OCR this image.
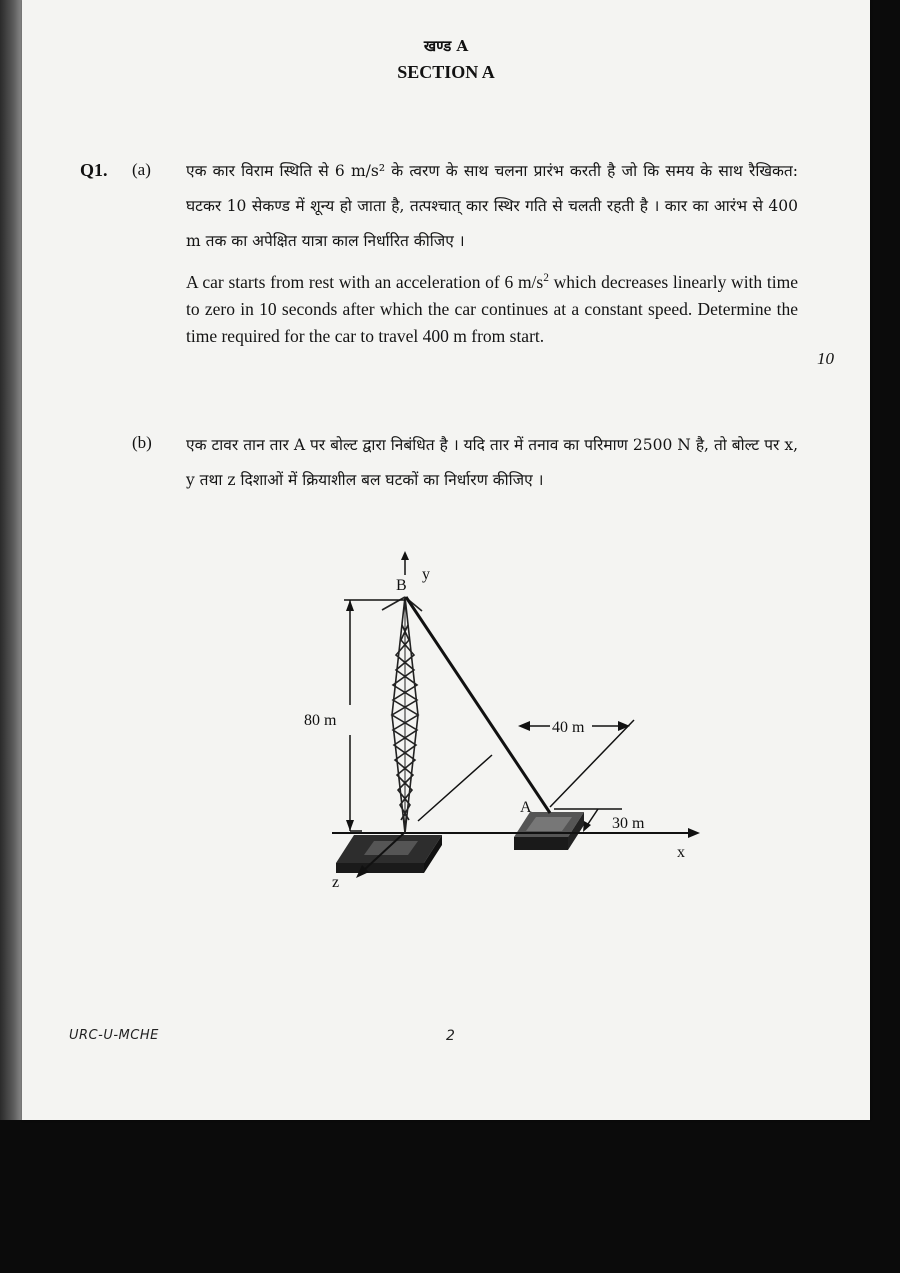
खण्ड A
SECTION A
Q1. (a) एक कार विराम स्थिति से 6 m/s² के त्वरण के साथ चलना प्रारंभ करती है जो कि समय के साथ रैखिकत: घटकर 10 सेकण्ड में शून्य हो जाता है, तत्पश्चात् कार स्थिर गति से चलती रहती है । कार का आरंभ से 400 m तक का अपेक्षित यात्रा काल निर्धारित कीजिए ।
A car starts from rest with an acceleration of 6 $m/s^2$ which decreases linearly with time to zero in 10 seconds after which the car continues at a constant speed. Determine the time required for the car to travel 400 m from start.
10
(b) एक टावर तान तार A पर बोल्ट द्वारा निबंधित है । यदि तार में तनाव का परिमाण 2500 N है, तो बोल्ट पर x, y तथा z दिशाओं में क्रियाशील बल घटकों का निर्धारण कीजिए ।
B
y
A
x
z
80 m	40 m
30 m
URC-U-MCHE	2
